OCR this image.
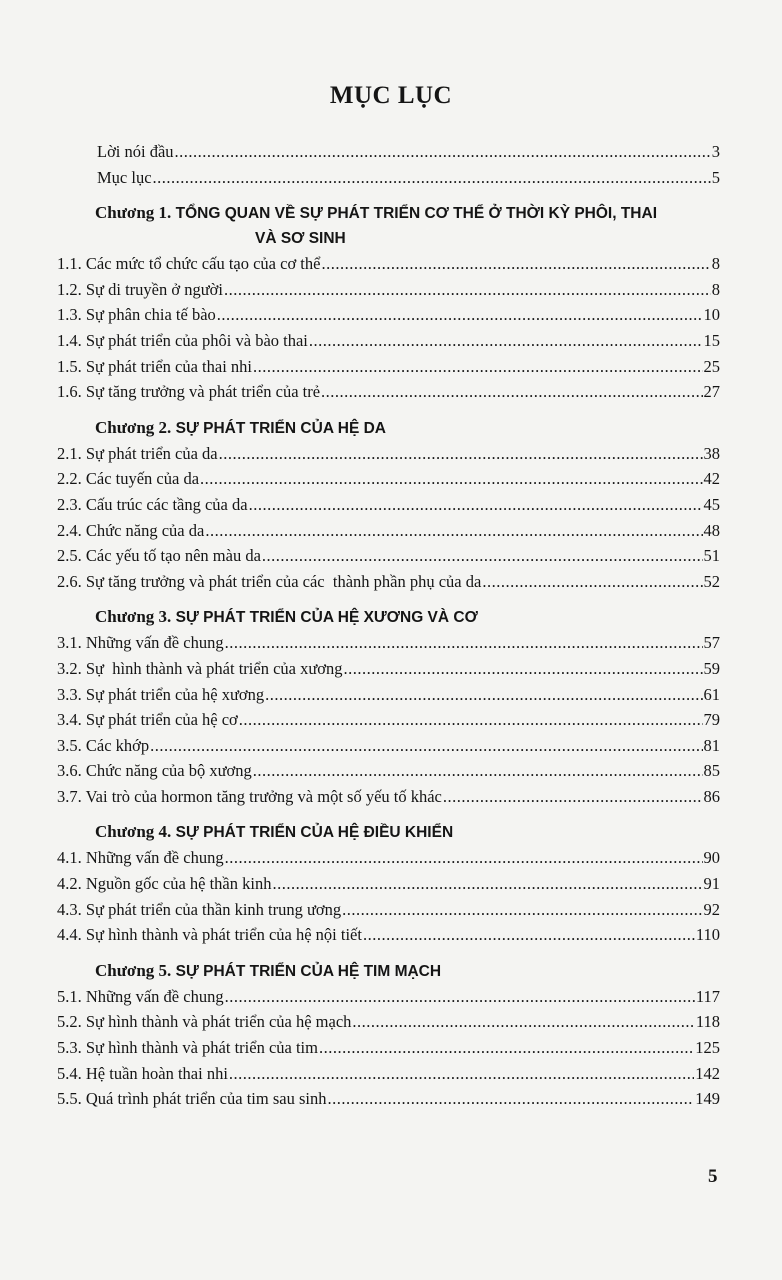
MỤC LỤC
Lời nói đầu .....	3
Mục lục .....	5
Chương 1. TỔNG QUAN VỀ SỰ PHÁT TRIỂN CƠ THỂ Ở THỜI KỲ PHÔI, THAI
VÀ SƠ SINH
1.1. Các mức tổ chức cấu tạo của cơ thể .....	8
1.2. Sự di truyền ở người .....	8
1.3. Sự phân chia tế bào .....	10
1.4. Sự phát triển của phôi và bào thai .....	15
1.5. Sự phát triển của thai nhi .....	25
1.6. Sự tăng trưởng và phát triển của trẻ .....	27
Chương 2. SỰ PHÁT TRIỂN CỦA HỆ DA
2.1. Sự phát triển của da .....	38
2.2. Các tuyến của da .....	42
2.3. Cấu trúc các tầng của da .....	45
2.4. Chức năng của da .....	48
2.5. Các yếu tố tạo nên màu da .....	51
2.6. Sự tăng trưởng và phát triển của các  thành phần phụ của da .....	52
Chương 3. SỰ PHÁT TRIỂN CỦA HỆ XƯƠNG VÀ CƠ
3.1. Những vấn đề chung .....	57
3.2. Sự  hình thành và phát triển của xương .....	59
3.3. Sự phát triển của hệ xương .....	61
3.4. Sự phát triển của hệ cơ .....	79
3.5. Các khớp .....	81
3.6. Chức năng của bộ xương .....	85
3.7. Vai trò của hormon tăng trưởng và một số yếu tố khác .....	86
Chương 4. SỰ PHÁT TRIỂN CỦA HỆ ĐIỀU KHIỂN
4.1. Những vấn đề chung .....	90
4.2. Nguồn gốc của hệ thần kinh .....	91
4.3. Sự phát triển của thần kinh trung ương .....	92
4.4. Sự hình thành và phát triển của hệ nội tiết .....	110
Chương 5. SỰ PHÁT TRIỂN CỦA HỆ TIM MẠCH
5.1. Những vấn đề chung .....	117
5.2. Sự hình thành và phát triển của hệ mạch .....	118
5.3. Sự hình thành và phát triển của tim .....	125
5.4. Hệ tuần hoàn thai nhi .....	142
5.5. Quá trình phát triển của tim sau sinh .....	149
5
